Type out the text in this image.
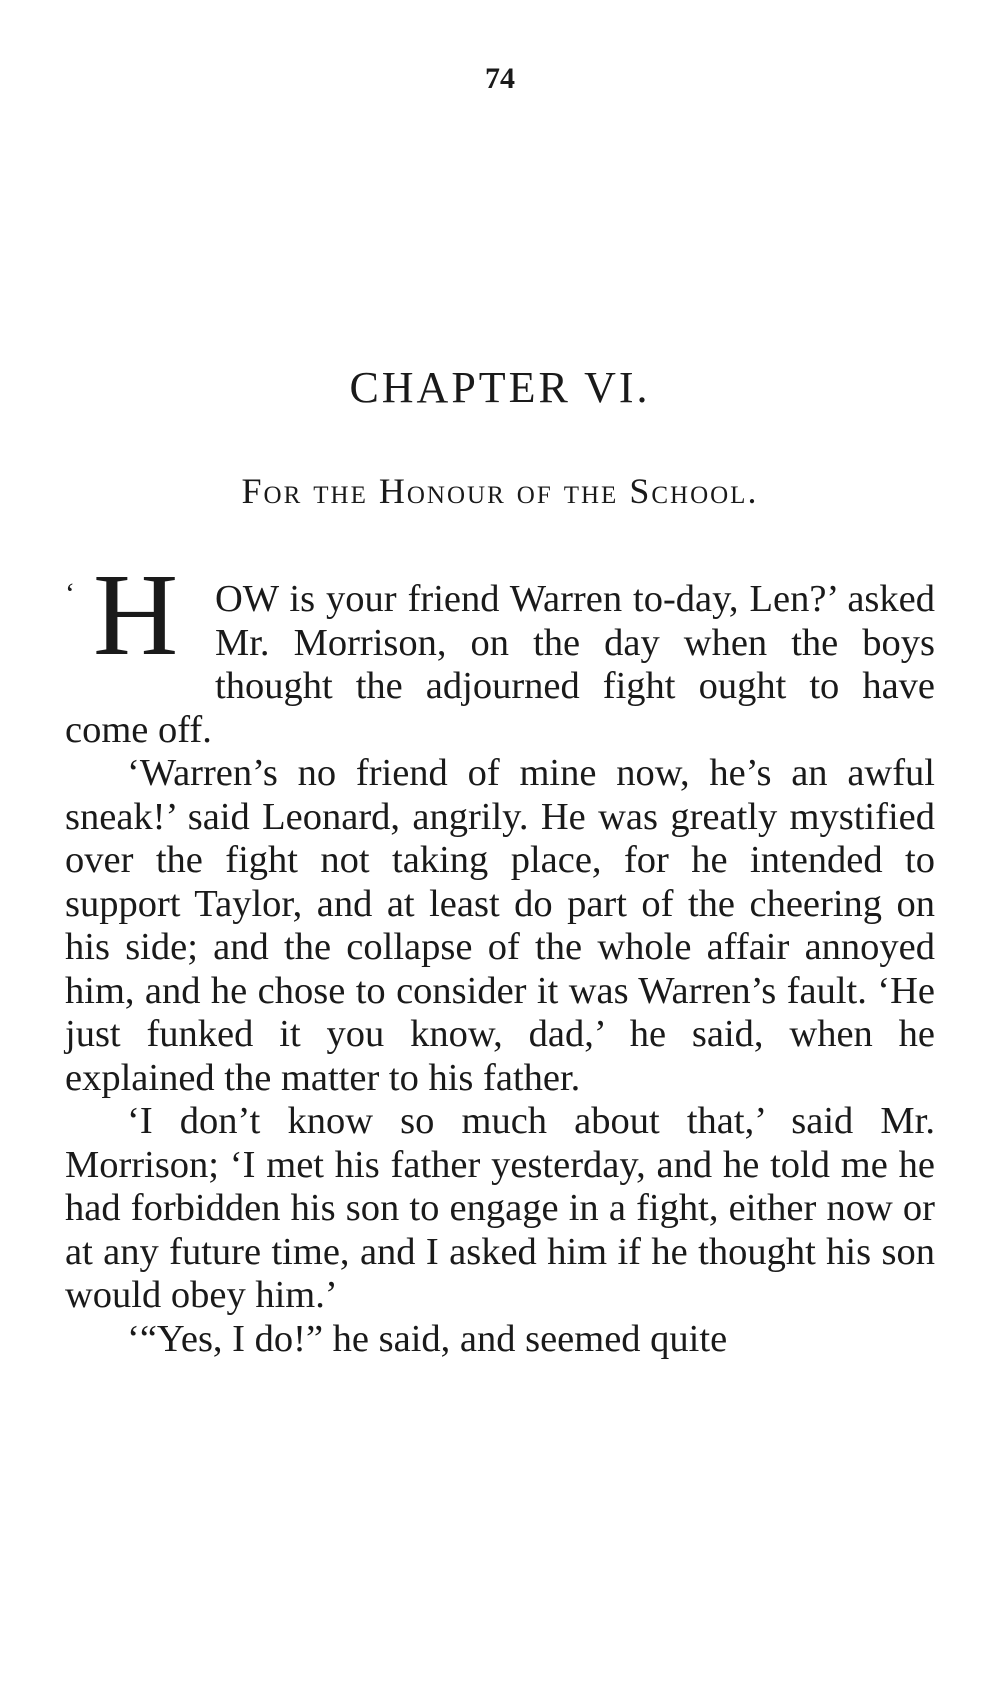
74
CHAPTER VI.
For the Honour of the School.

‘ H OW is your friend Warren to-day, Len?’ asked Mr. Morrison, on the day when the boys thought the adjourned fight ought to have come off.

‘Warren’s no friend of mine now, he’s an awful sneak!’ said Leonard, angrily. He was greatly mystified over the fight not taking place, for he intended to support Taylor, and at least do part of the cheering on his side; and the collapse of the whole affair annoyed him, and he chose to consider it was Warren’s fault. ‘He just funked it you know, dad,’ he said, when he explained the matter to his father.

‘I don’t know so much about that,’ said Mr. Morrison; ‘I met his father yesterday, and he told me he had forbidden his son to engage in a fight, either now or at any future time, and I asked him if he thought his son would obey him.’

‘“Yes, I do!” he said, and seemed quite
